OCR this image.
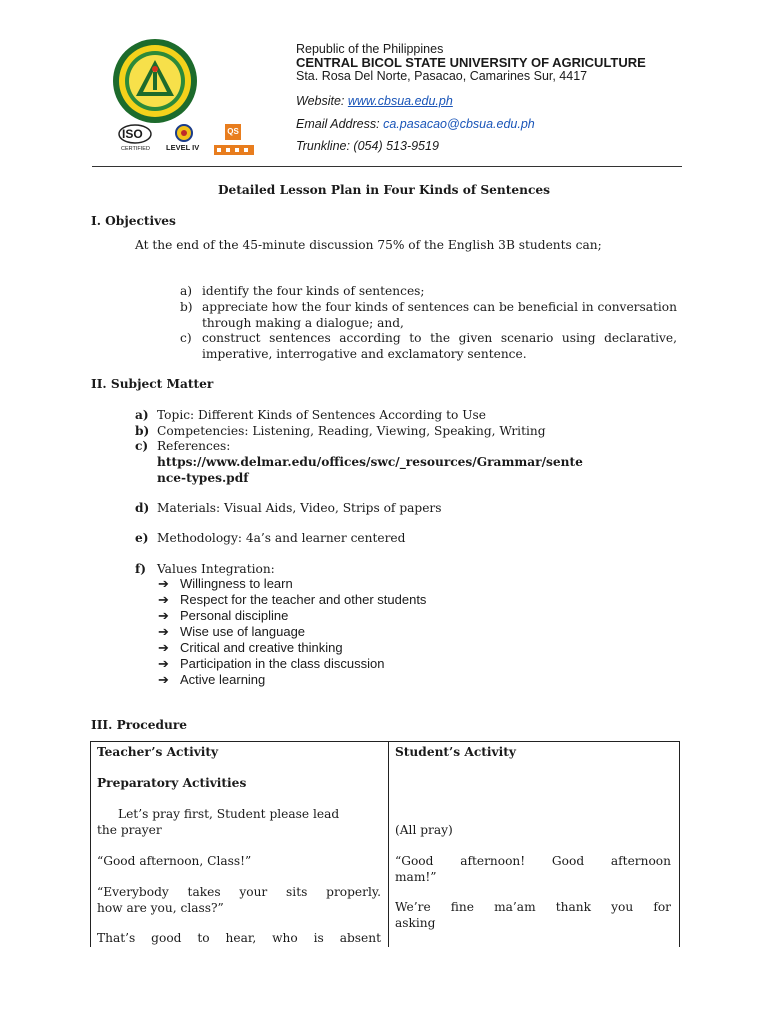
ISO
CERTIFIED LEVEL IV
QS
Republic of the Philippines
CENTRAL BICOL STATE UNIVERSITY OF AGRICULTURE
Sta. Rosa Del Norte, Pasacao, Camarines Sur, 4417
Website: www.cbsua.edu.ph
Email Address: ca.pasacao@cbsua.edu.ph
Trunkline: (054) 513-9519
Detailed Lesson Plan in Four Kinds of Sentences
I. Objectives
At the end of the 45-minute discussion 75% of the English 3B students can;
a) identify the four kinds of sentences;
b) appreciate how the four kinds of sentences can be beneficial in conversation through making a dialogue; and,
c) construct sentences according to the given scenario using declarative, imperative, interrogative and exclamatory sentence.
II. Subject Matter
a) Topic: Different Kinds of Sentences According to Use
b) Competencies: Listening, Reading, Viewing, Speaking, Writing
c) References:
https://www.delmar.edu/offices/swc/_resources/Grammar/sente
nce-types.pdf
d) Materials: Visual Aids, Video, Strips of papers
e) Methodology: 4a’s and learner centered
f) Values Integration:
➔ Willingness to learn
➔ Respect for the teacher and other students
➔ Personal discipline
➔ Wise use of language
➔ Critical and creative thinking
➔ Participation in the class discussion
➔ Active learning
III. Procedure
Teacher’s Activity	Student’s Activity
Preparatory Activities
Let’s pray first, Student please lead
the prayer	(All pray)
“Good afternoon, Class!”	“Good afternoon! Good afternoon
mam!”
“Everybody takes your sits properly.
how are you, class?”	We’re fine ma’am thank you for
asking
That’s good to hear, who is absent
